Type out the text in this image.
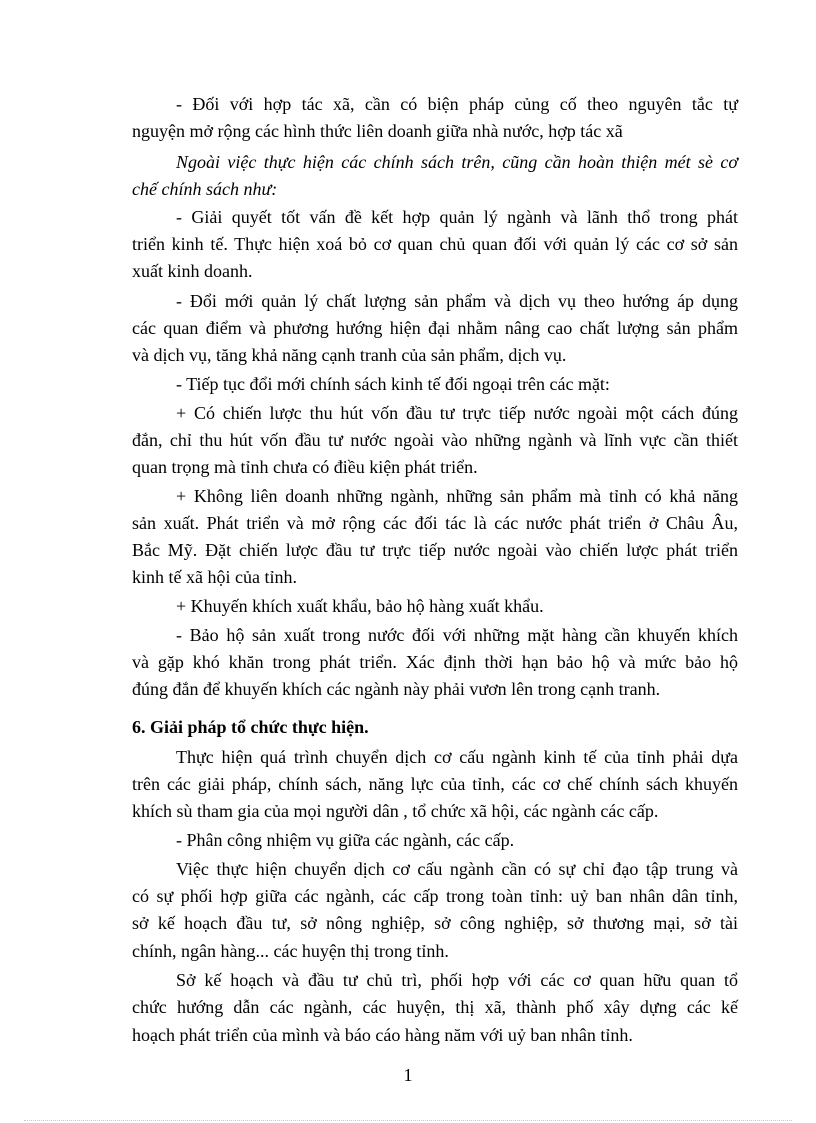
- Đối với hợp tác xã, cần có biện pháp củng cố theo nguyên tắc tự
nguyện mở rộng các hình thức liên doanh giữa nhà nước, hợp tác xã
Ngoài việc thực hiện các chính sách trên, cũng cần hoàn thiện mét sè cơ
chế chính sách như:
- Giải quyết tốt vấn đề kết hợp quản lý ngành và lãnh thổ trong phát
triển kinh tế. Thực hiện xoá bỏ cơ quan chủ quan đối với quản lý các cơ sở sản
xuất kinh doanh.
- Đổi mới quản lý chất lượng sản phẩm và dịch vụ theo hướng áp dụng
các quan điểm và phương hướng hiện đại nhằm nâng cao chất lượng sản phẩm
và dịch vụ, tăng khả năng cạnh tranh của sản phẩm, dịch vụ.
- Tiếp tục đổi mới chính sách kinh tế đối ngoại trên các mặt:
+ Có chiến lược thu hút vốn đầu tư trực tiếp nước ngoài một cách đúng
đắn, chỉ thu hút vốn đầu tư nước ngoài vào những ngành và lĩnh vực cần thiết
quan trọng mà tỉnh chưa có điều kiện phát triển.
+ Không liên doanh những ngành, những sản phẩm mà tỉnh có khả năng
sản xuất. Phát triển và mở rộng các đối tác là các nước phát triển ở Châu Âu,
Bắc Mỹ. Đặt chiến lược đầu tư trực tiếp nước ngoài vào chiến lược phát triển
kinh tế xã hội của tỉnh.
+ Khuyến khích xuất khẩu, bảo hộ hàng xuất khẩu.
- Bảo hộ sản xuất trong nước đối với những mặt hàng cần khuyến khích
và gặp khó khăn trong phát triển. Xác định thời hạn bảo hộ và mức bảo hộ
đúng đắn để khuyến khích các ngành này phải vươn lên trong cạnh tranh.
6. Giải pháp tổ chức thực hiện.
Thực hiện quá trình chuyển dịch cơ cấu ngành kinh tế của tỉnh phải dựa
trên các giải pháp, chính sách, năng lực của tỉnh, các cơ chế chính sách khuyến
khích sù tham gia của mọi người dân , tổ chức xã hội, các ngành các cấp.
- Phân công nhiệm vụ giữa các ngành, các cấp.
Việc thực hiện chuyển dịch cơ cấu ngành cần có sự chỉ đạo tập trung và
có sự phối hợp giữa các ngành, các cấp trong toàn tỉnh: uỷ ban nhân dân tỉnh,
sở kế hoạch đầu tư, sở nông nghiệp, sở công nghiệp, sở thương mại, sở tài
chính, ngân hàng... các huyện thị trong tỉnh.
Sở kế hoạch và đầu tư chủ trì, phối hợp với các cơ quan hữu quan tổ
chức hướng dẫn các ngành, các huyện, thị xã, thành phố xây dựng các kế
hoạch phát triển của mình và báo cáo hàng năm với uỷ ban nhân tỉnh.
1
